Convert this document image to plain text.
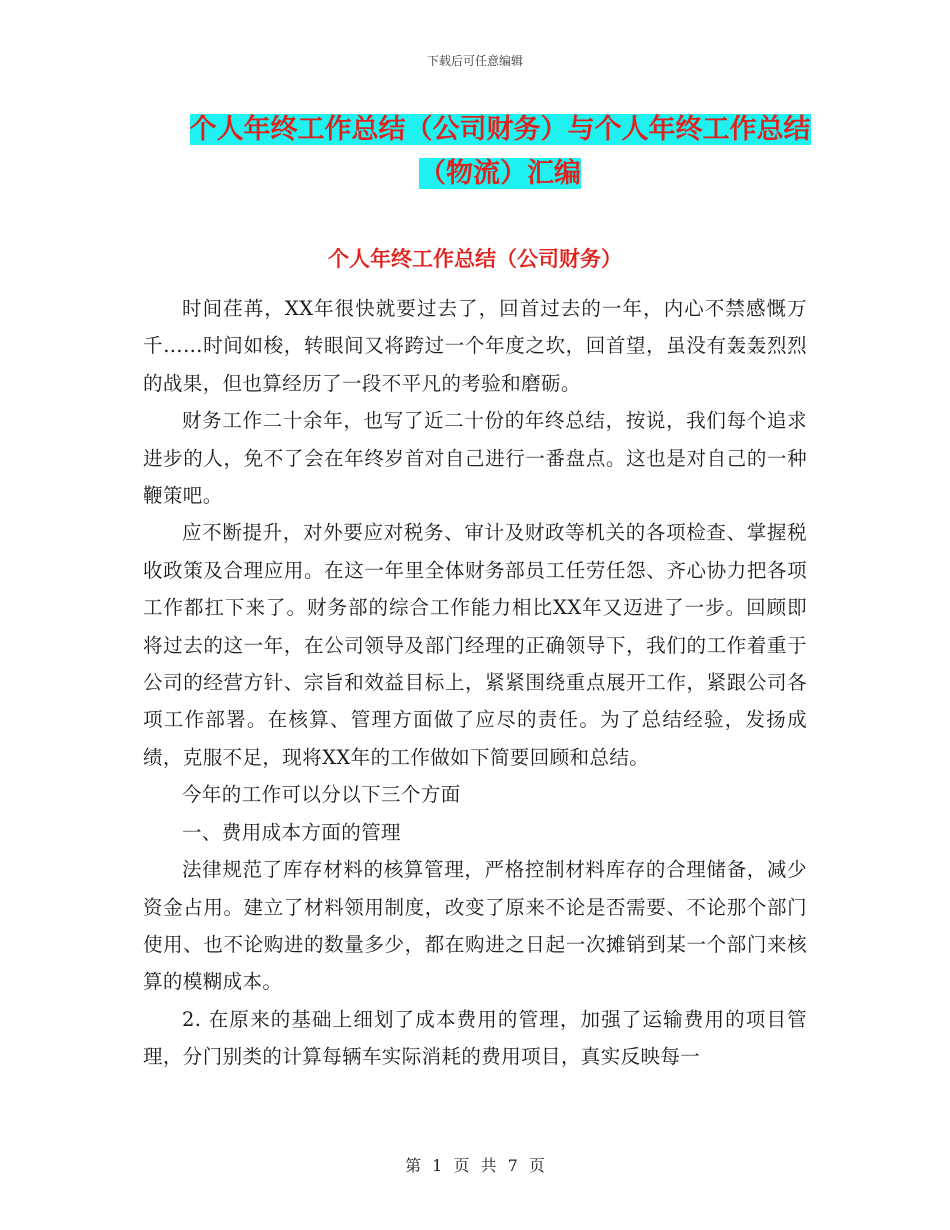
下载后可任意编辑
个人年终工作总结（公司财务）与个人年终工作总结
（物流）汇编
个人年终工作总结（公司财务）

时间荏苒，XX年很快就要过去了，回首过去的一年，内心不禁感慨万千……时间如梭，转眼间又将跨过一个年度之坎，回首望，虽没有轰轰烈烈的战果，但也算经历了一段不平凡的考验和磨砺。

财务工作二十余年，也写了近二十份的年终总结，按说，我们每个追求进步的人，免不了会在年终岁首对自己进行一番盘点。这也是对自己的一种鞭策吧。

应不断提升，对外要应对税务、审计及财政等机关的各项检查、掌握税收政策及合理应用。在这一年里全体财务部员工任劳任怨、齐心协力把各项工作都扛下来了。财务部的综合工作能力相比XX年又迈进了一步。回顾即将过去的这一年，在公司领导及部门经理的正确领导下，我们的工作着重于公司的经营方针、宗旨和效益目标上，紧紧围绕重点展开工作，紧跟公司各项工作部署。在核算、管理方面做了应尽的责任。为了总结经验，发扬成绩，克服不足，现将XX年的工作做如下简要回顾和总结。

今年的工作可以分以下三个方面

一、费用成本方面的管理

法律规范了库存材料的核算管理，严格控制材料库存的合理储备，减少资金占用。建立了材料领用制度，改变了原来不论是否需要、不论那个部门使用、也不论购进的数量多少，都在购进之日起一次摊销到某一个部门来核算的模糊成本。

2. 在原来的基础上细划了成本费用的管理，加强了运输费用的项目管理，分门别类的计算每辆车实际消耗的费用项目，真实反映每一

第 1 页 共 7 页
